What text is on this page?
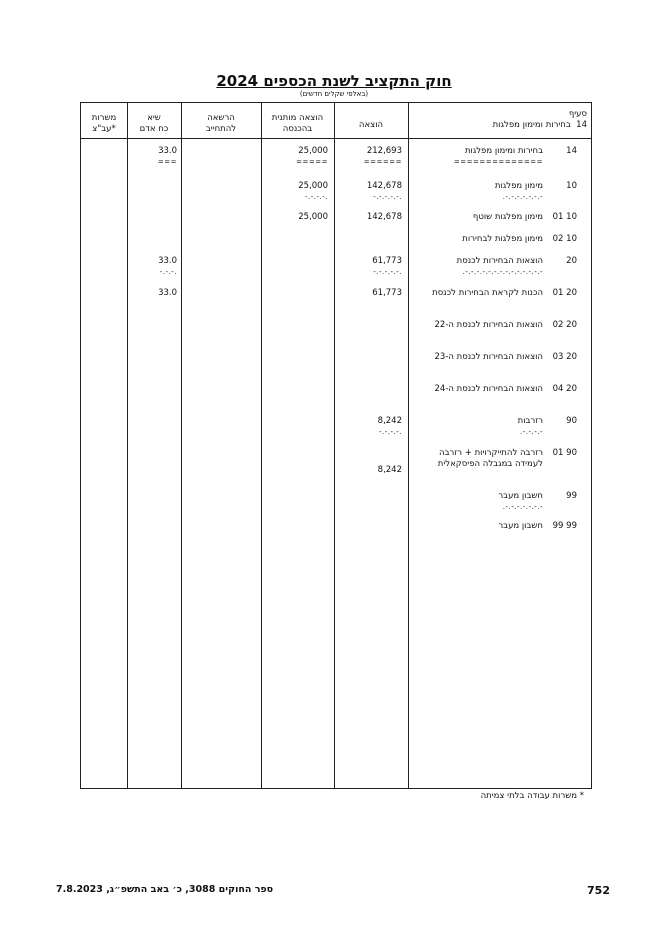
חוק התקציב לשנת הכספים 2024
(באלפי שקלים חדשים)
סעיף
14  בחירות ומימון מפלגות
הוצאה
הוצאה מותנית
בהכנסה
הרשאה
להתחייב
שיא
כח אדם
משרות
עב"צ*
14
בחירות ומימון מפלגות
==============
212,693
======
25,000
=====
33.0
===
10
מימון מפלגות
-.-.-.-.-.-.-.
142,678
-.-.-.-.-.
25,000
-.-.-.-.
10 01
מימון מפלגות שוטף
142,678
25,000
10 02
מימון מפלגות לבחירות
20
הוצאות הבחירות לכנסת
-.-.-.-.-.-.-.-.-.-.-.-.-.-.
61,773
-.-.-.-.-.
33.0
-.-.-.
20 01
הכנות לקראת הבחירות לכנסת
61,773
33.0
20 02
הוצאות הבחירות לכנסת ה-22
20 03
הוצאות הבחירות לכנסת ה-23
20 04
הוצאות הבחירות לכנסת ה-24
90
רזרבות
-.-.-.-.
8,242
-.-.-.-.
90 01
רזרבה להתייקרויות + רזרבה לעמידה במגבלה הפיסקאלית
8,242
99
חשבון מעבר
-.-.-.-.-.-.-.
99 99
חשבון מעבר
* משרות עבודה בלתי צמיתה
ספר החוקים 3088, כ׳ באב התשפ״ג, 7.8.2023	752
